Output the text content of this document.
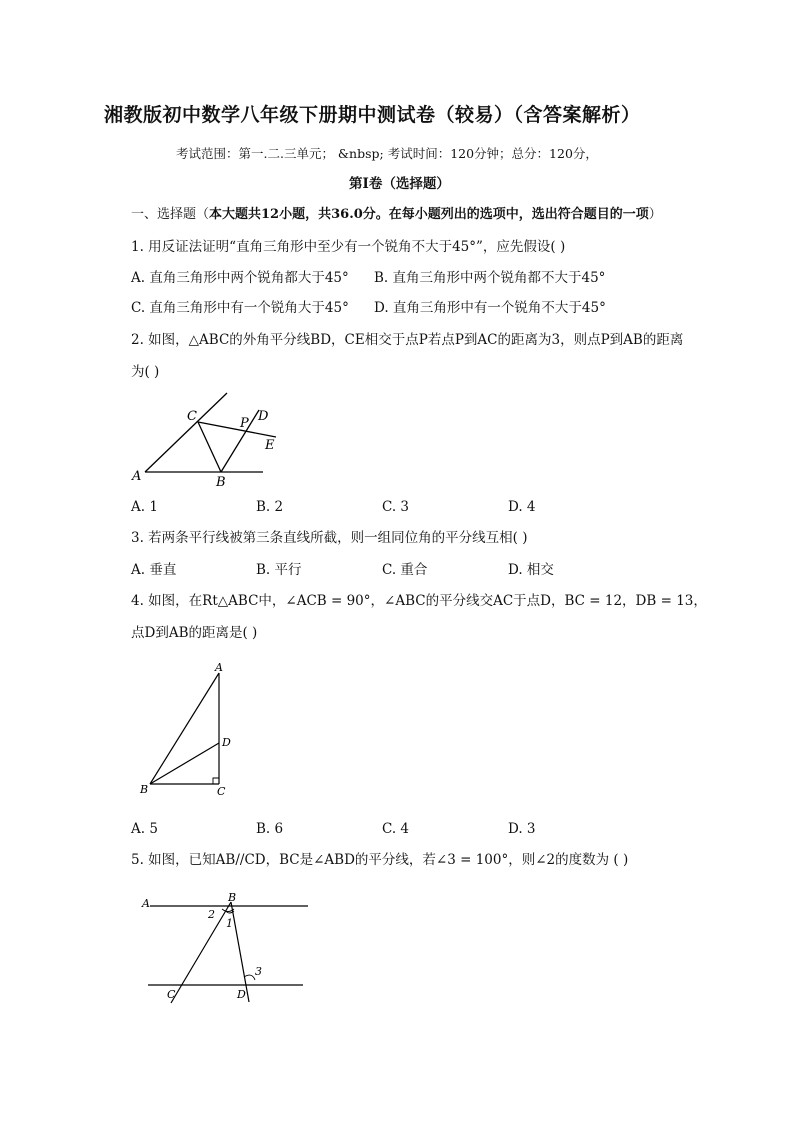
湘教版初中数学八年级下册期中测试卷（较易）（含答案解析）
考试范围：第一.二.三单元； &nbsp; 考试时间：120分钟；总分：120分，
第Ⅰ卷（选择题）
一、选择题（本大题共12小题，共36.0分。在每小题列出的选项中，选出符合题目的一项）
1. 用反证法证明“直角三角形中至少有一个锐角不大于45°”，应先假设( )
A. 直角三角形中两个锐角都大于45° B. 直角三角形中两个锐角都不大于45°
C. 直角三角形中有一个锐角大于45° D. 直角三角形中有一个锐角不大于45°
2. 如图，△ABC的外角平分线BD，CE相交于点P若点P到AC的距离为3，则点P到AB的距离
为( )
A	B
C	P D
E
A. 1	B. 2	C. 3	D. 4
3. 若两条平行线被第三条直线所截，则一组同位角的平分线互相( )
A. 垂直	B. 平行	C. 重合	D. 相交
4. 如图，在Rt△ABC中，∠ACB = 90°，∠ABC的平分线交AC于点D，BC = 12，DB = 13，
点D到AB的距离是( )
A
B	C
D
A. 5	B. 6	C. 4	D. 3
5. 如图，已知AB//CD，BC是∠ABD的平分线，若∠3 = 100°，则∠2的度数为 ( )
A	B
C	D
1
2
3
